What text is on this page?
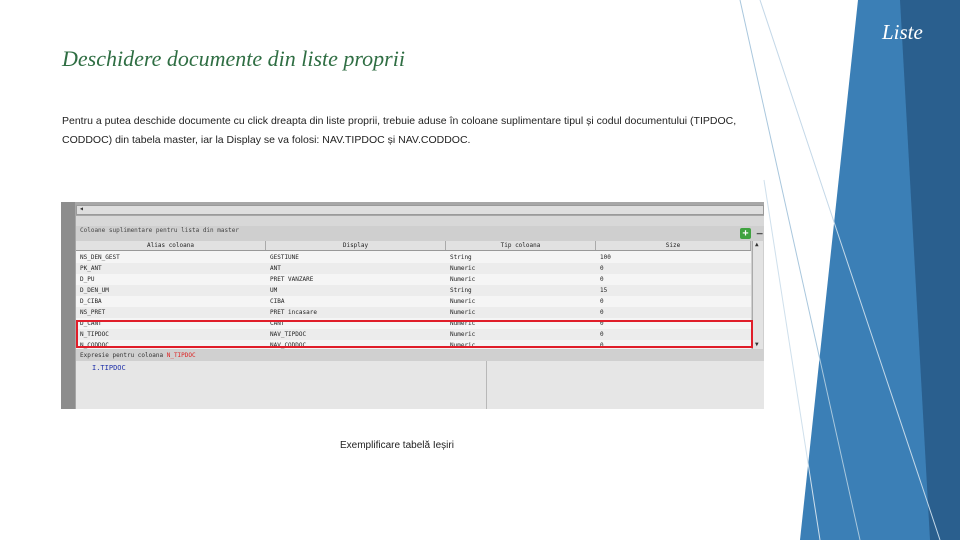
Liste
Deschidere documente din liste proprii
Pentru a putea deschide documente cu click dreapta din liste proprii, trebuie aduse în coloane suplimentare tipul și codul documentului (TIPDOC, CODDOC) din tabela master, iar la Display se va folosi: NAV.TIPDOC și NAV.CODDOC.
◂
Coloane suplimentare pentru lista din master	+ −
Alias coloana	Display	Tip coloana	Size
NS_DEN_GEST	GESTIUNE	String	100
PK_ANT	ANT	Numeric	0
D_PU	PRET VANZARE	Numeric	0
D_DEN_UM	UM	String	15
D_CIBA	CIBA	Numeric	0
NS_PRET	PRET incasare	Numeric	0
D_CANT	CANT	Numeric	0
N_TIPDOC	NAV_TIPDOC	Numeric	0
N_CODDOC	NAV_CODDOC	Numeric	0
▲
▼
Expresie pentru coloana N_TIPDOC
I.TIPDOC
Exemplificare tabelă Ieșiri
